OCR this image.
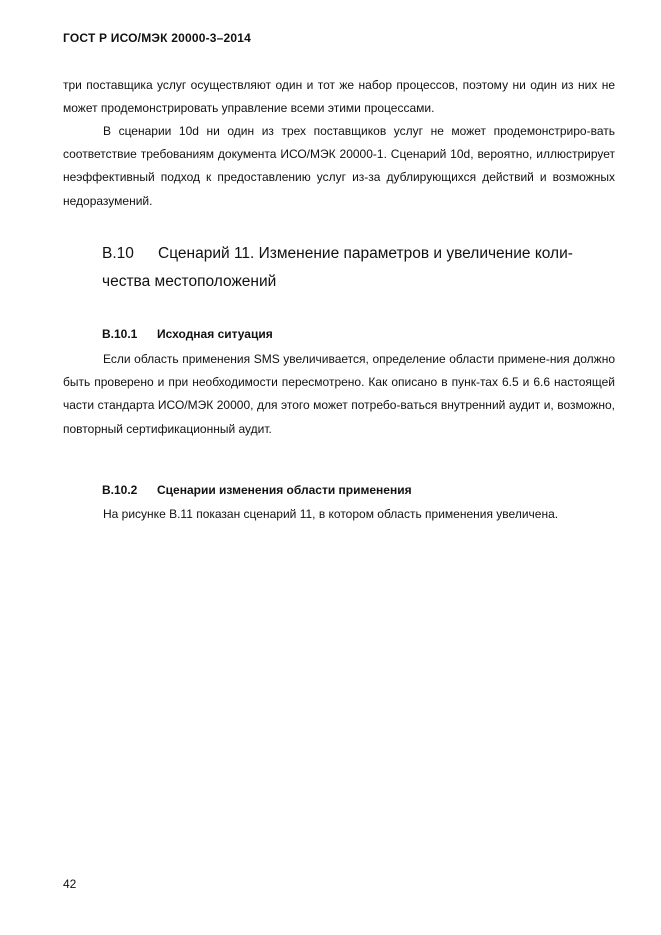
ГОСТ Р ИСО/МЭК 20000-3–2014

три поставщика услуг осуществляют один и тот же набор процессов, поэтому ни один из них не может продемонстрировать управление всеми этими процессами.

В сценарии 10d ни один из трех поставщиков услуг не может продемонстриро-вать соответствие требованиям документа ИСО/МЭК 20000-1. Сценарий 10d, вероятно, иллюстрирует неэффективный подход к предоставлению услуг из-за дублирующихся действий и возможных недоразумений.

B.10	Сценарий 11. Изменение параметров и увеличение коли-
чества местоположений
B.10.1 Исходная ситуация

Если область применения SMS увеличивается, определение области примене-ния должно быть проверено и при необходимости пересмотрено. Как описано в пунк-тах 6.5 и 6.6 настоящей части стандарта ИСО/МЭК 20000, для этого может потребо-ваться внутренний аудит и, возможно, повторный сертификационный аудит.

B.10.2 Сценарии изменения области применения

На рисунке B.11 показан сценарий 11, в котором область применения увеличена.

42
